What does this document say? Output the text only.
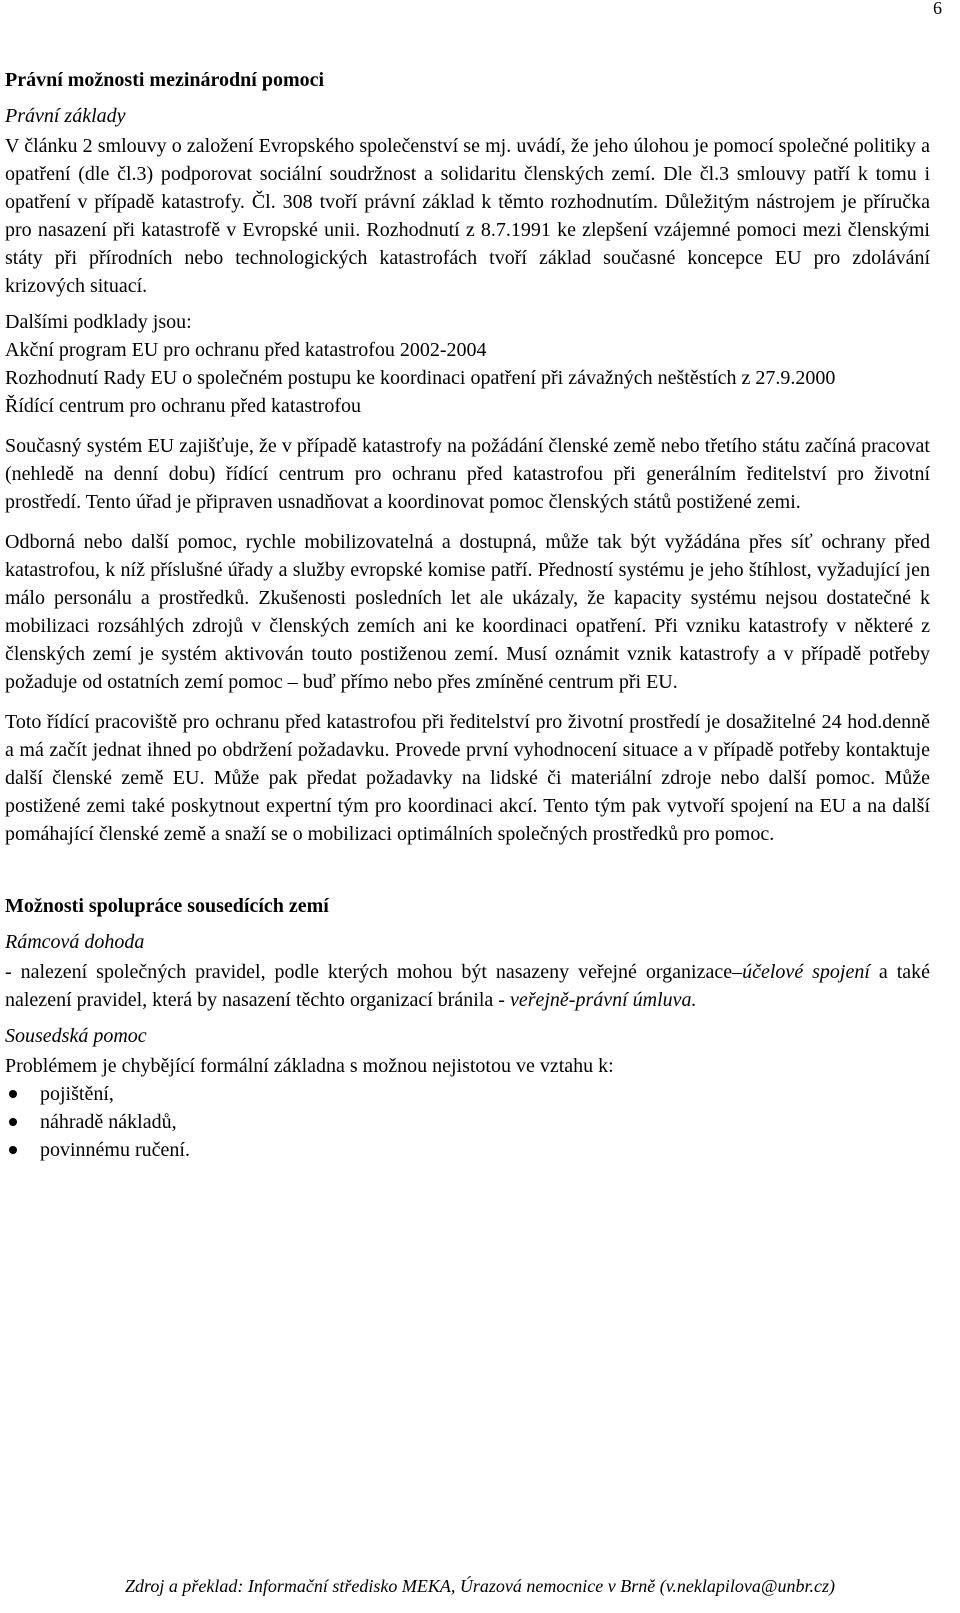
6
Právní možnosti mezinárodní pomoci
Právní základy

V článku 2 smlouvy o založení Evropského společenství se mj. uvádí, že jeho úlohou je pomocí společné politiky a opatření (dle čl.3) podporovat sociální soudržnost a solidaritu členských zemí. Dle čl.3 smlouvy patří k tomu i opatření v případě katastrofy. Čl. 308 tvoří právní základ k těmto rozhodnutím. Důležitým nástrojem je příručka pro nasazení při katastrofě v Evropské unii. Rozhodnutí z 8.7.1991 ke zlepšení vzájemné pomoci mezi členskými státy při přírodních nebo technologických katastrofách tvoří základ současné koncepce EU pro zdolávání krizových situací.

Dalšími podklady jsou:
Akční program EU pro ochranu před katastrofou 2002-2004
Rozhodnutí Rady EU o společném postupu ke koordinaci opatření při závažných neštěstích z 27.9.2000
Řídící centrum pro ochranu před katastrofou

Současný systém EU zajišťuje, že v případě katastrofy na požádání členské země nebo třetího státu začíná pracovat (nehledě na denní dobu) řídící centrum pro ochranu před katastrofou při generálním ředitelství pro životní prostředí. Tento úřad je připraven usnadňovat a koordinovat pomoc členských států postižené zemi.

Odborná nebo další pomoc, rychle mobilizovatelná a dostupná, může tak být vyžádána přes síť ochrany před katastrofou, k níž příslušné úřady a služby evropské komise patří. Předností systému je jeho štíhlost, vyžadující jen málo personálu a prostředků. Zkušenosti posledních let ale ukázaly, že kapacity systému nejsou dostatečné k mobilizaci rozsáhlých zdrojů v členských zemích ani ke koordinaci opatření. Při vzniku katastrofy v některé z členských zemí je systém aktivován touto postiženou zemí. Musí oznámit vznik katastrofy a v případě potřeby požaduje od ostatních zemí pomoc – buď přímo nebo přes zmíněné centrum při EU.

Toto řídící pracoviště pro ochranu před katastrofou při ředitelství pro životní prostředí je dosažitelné 24 hod.denně a má začít jednat ihned po obdržení požadavku. Provede první vyhodnocení situace a v případě potřeby kontaktuje další členské země EU. Může pak předat požadavky na lidské či materiální zdroje nebo další pomoc. Může postižené zemi také poskytnout expertní tým pro koordinaci akcí. Tento tým pak vytvoří spojení na EU a na další pomáhající členské země a snaží se o mobilizaci optimálních společných prostředků pro pomoc.

Možnosti spolupráce sousedících zemí
Rámcová dohoda

- nalezení společných pravidel, podle kterých mohou být nasazeny veřejné organizace–účelové spojení a také nalezení pravidel, která by nasazení těchto organizací bránila - veřejně-právní úmluva.

Sousedská pomoc

Problémem je chybějící formální základna s možnou nejistotou ve vztahu k:

pojištění,
náhradě nákladů,
povinnému ručení.
Zdroj a překlad: Informační středisko MEKA, Úrazová nemocnice v Brně (v.neklapilova@unbr.cz)
